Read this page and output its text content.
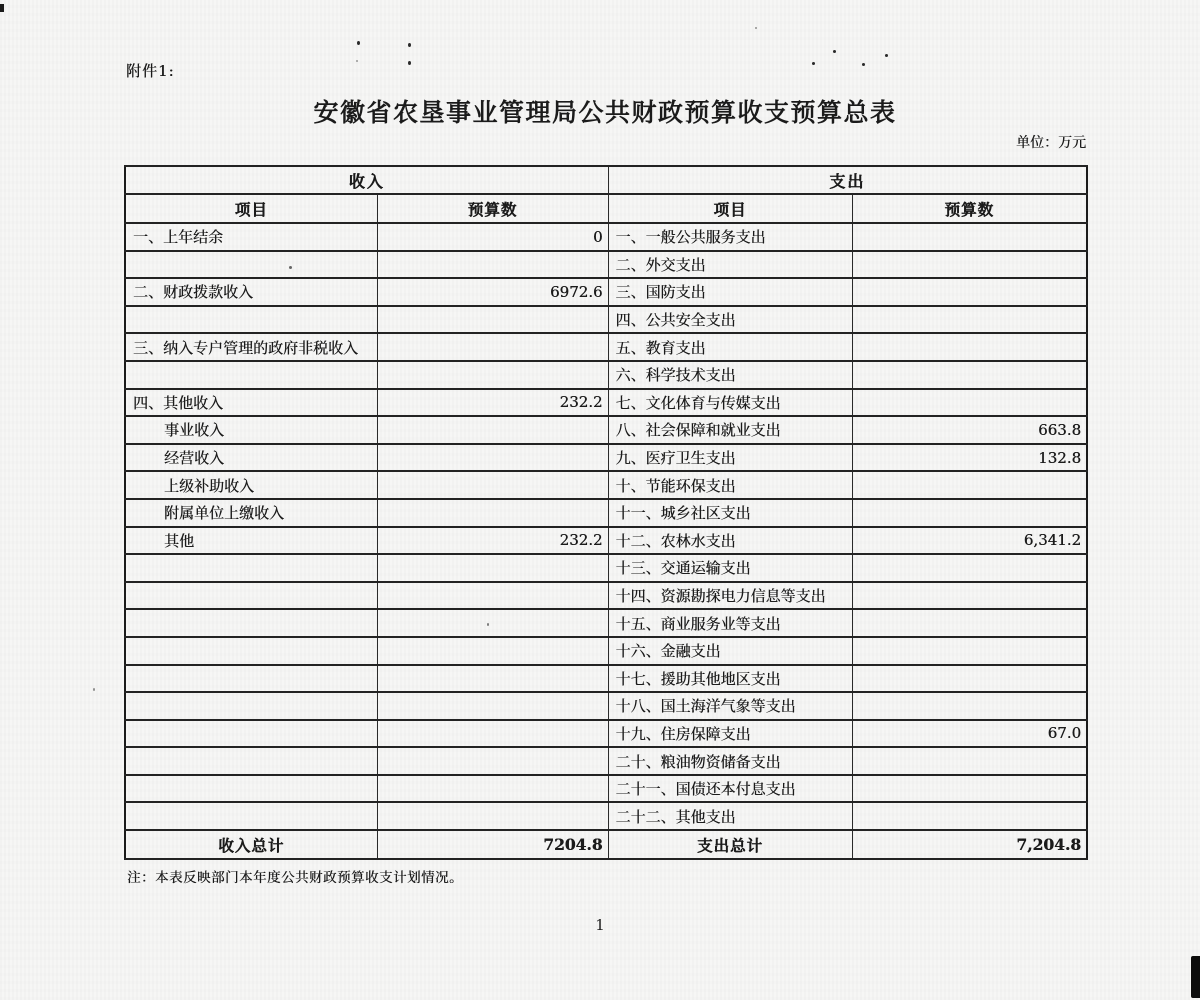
附件1:
安徽省农垦事业管理局公共财政预算收支预算总表
单位：万元
收入		支出	
项目	预算数	项目	预算数
一、上年结余	0	一、一般公共服务支出	
		二、外交支出	
二、财政拨款收入	6972.6	三、国防支出	
		四、公共安全支出	
三、纳入专户管理的政府非税收入		五、教育支出	
		六、科学技术支出	
四、其他收入	232.2	七、文化体育与传媒支出	
事业收入		八、社会保障和就业支出	663.8
经营收入		九、医疗卫生支出	132.8
上级补助收入		十、节能环保支出	
附属单位上缴收入		十一、城乡社区支出	
其他	232.2	十二、农林水支出	6,341.2
		十三、交通运输支出	
		十四、资源勘探电力信息等支出	
		十五、商业服务业等支出	
		十六、金融支出	
		十七、援助其他地区支出	
		十八、国土海洋气象等支出	
		十九、住房保障支出	67.0
		二十、粮油物资储备支出	
		二十一、国债还本付息支出	
		二十二、其他支出	
收入总计	7204.8	支出总计	7,204.8
注：本表反映部门本年度公共财政预算收支计划情况。
1
